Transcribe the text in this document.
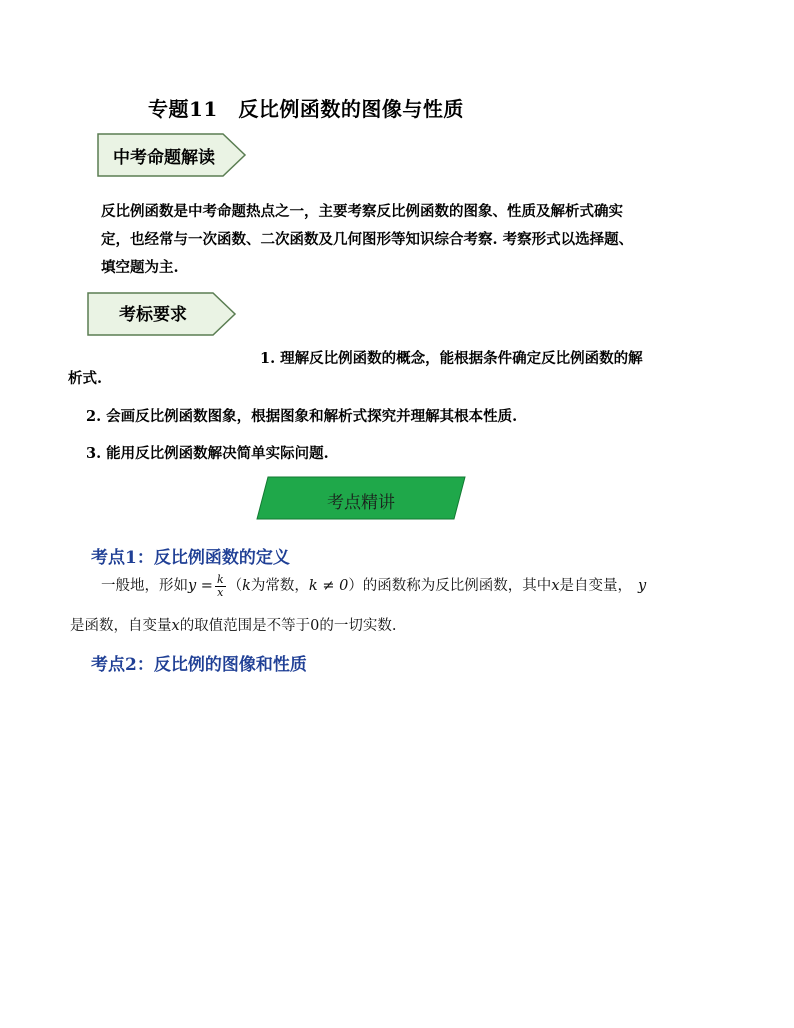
专题11　反比例函数的图像与性质
中考命题解读
反比例函数是中考命题热点之一，主要考察反比例函数的图象、性质及解析式确实
定，也经常与一次函数、二次函数及几何图形等知识综合考察. 考察形式以选择题、
填空题为主.
考标要求
1. 理解反比例函数的概念，能根据条件确定反比例函数的解
析式.
2. 会画反比例函数图象，根据图象和解析式探究并理解其根本性质.
3. 能用反比例函数解决简单实际问题.
考点精讲
考点1：反比例函数的定义
一般地，形如$y = \frac{k}{x} (k$为常数，k ≠ 0）的函数称为反比例函数，其中x是自变量， y
是函数，自变量x的取值范围是不等于0的一切实数.
考点2：反比例的图像和性质
